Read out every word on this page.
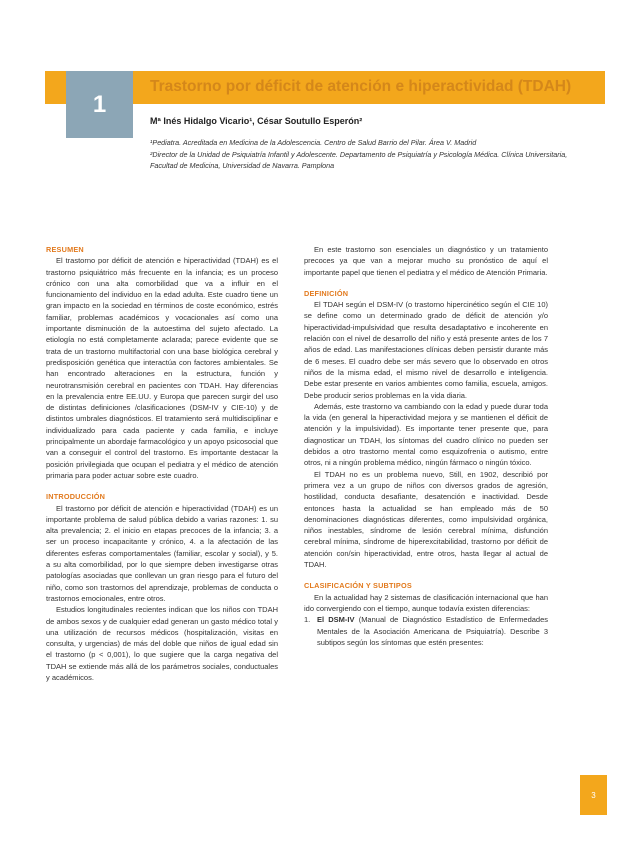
1
Trastorno por déficit de atención e hiperactividad (TDAH)
Mª Inés Hidalgo Vicario¹, César Soutullo Esperón²
¹Pediatra. Acreditada en Medicina de la Adolescencia. Centro de Salud Barrio del Pilar. Área V. Madrid
²Director de la Unidad de Psiquiatría Infantil y Adolescente. Departamento de Psiquiatría y Psicología Médica. Clínica Universitaria, Facultad de Medicina, Universidad de Navarra. Pamplona

RESUMEN

El trastorno por déficit de atención e hiperactividad (TDAH) es el trastorno psiquiátrico más frecuente en la infancia; es un proceso crónico con una alta comorbilidad que va a influir en el funcionamiento del individuo en la edad adulta. Este cuadro tiene un gran impacto en la sociedad en términos de coste económico, estrés familiar, problemas académicos y vocacionales así como una importante disminución de la autoestima del sujeto afectado. La etiología no está completamente aclarada; parece evidente que se trata de un trastorno multifactorial con una base biológica cerebral y predisposición genética que interactúa con factores ambientales. Se han encontrado alteraciones en la estructura, función y neurotransmisión cerebral en pacientes con TDAH. Hay diferencias en la prevalencia entre EE.UU. y Europa que parecen surgir del uso de distintas definiciones /clasificaciones (DSM-IV y CIE-10) y de distintos umbrales diagnósticos. El tratamiento será multidisciplinar e individualizado para cada paciente y cada familia, e incluye principalmente un abordaje farmacológico y un apoyo psicosocial que van a conseguir el control del trastorno. Es importante destacar la posición privilegiada que ocupan el pediatra y el médico de atención primaria para poder actuar sobre este cuadro.

INTRODUCCIÓN

El trastorno por déficit de atención e hiperactividad (TDAH) es un importante problema de salud pública debido a varias razones: 1. su alta prevalencia; 2. el inicio en etapas precoces de la infancia; 3. a ser un proceso incapacitante y crónico, 4. a la afectación de las diferentes esferas comportamentales (familiar, escolar y social), y 5. a su alta comorbilidad, por lo que siempre deben investigarse otras patologías asociadas que conllevan un gran riesgo para el futuro del niño, como son trastornos del aprendizaje, problemas de conducta o trastornos emocionales, entre otros.

Estudios longitudinales recientes indican que los niños con TDAH de ambos sexos y de cualquier edad generan un gasto médico total y una utilización de recursos médicos (hospitalización, visitas en consulta, y urgencias) de más del doble que niños de igual edad sin el trastorno (p < 0,001), lo que sugiere que la carga negativa del TDAH se extiende más allá de los parámetros sociales, conductuales y académicos.

En este trastorno son esenciales un diagnóstico y un tratamiento precoces ya que van a mejorar mucho su pronóstico de aquí el importante papel que tienen el pediatra y el médico de Atención Primaria.

DEFINICIÓN

El TDAH según el DSM-IV (o trastorno hipercinético según el CIE 10) se define como un determinado grado de déficit de atención y/o hiperactividad-impulsividad que resulta desadaptativo e incoherente en relación con el nivel de desarrollo del niño y está presente antes de los 7 años de edad. Las manifestaciones clínicas deben persistir durante más de 6 meses. El cuadro debe ser más severo que lo observado en otros niños de la misma edad, el mismo nivel de desarrollo e inteligencia. Debe estar presente en varios ambientes como familia, escuela, amigos. Debe producir serios problemas en la vida diaria.

Además, este trastorno va cambiando con la edad y puede durar toda la vida (en general la hiperactividad mejora y se mantienen el déficit de atención y la impulsividad). Es importante tener presente que, para diagnosticar un TDAH, los síntomas del cuadro clínico no pueden ser debidos a otro trastorno mental como esquizofrenia o autismo, entre otros, ni a ningún problema médico, ningún fármaco o ningún tóxico.

El TDAH no es un problema nuevo, Still, en 1902, describió por primera vez a un grupo de niños con diversos grados de agresión, hostilidad, conducta desafiante, desatención e inactividad. Desde entonces hasta la actualidad se han empleado más de 50 denominaciones diagnósticas diferentes, como impulsividad orgánica, niños inestables, síndrome de lesión cerebral mínima, disfunción cerebral mínima, síndrome de hiperexcitabilidad, trastorno por déficit de atención con/sin hiperactividad, entre otros, hasta llegar al actual de TDAH.

CLASIFICACIÓN Y SUBTIPOS

En la actualidad hay 2 sistemas de clasificación internacional que han ido convergiendo con el tiempo, aunque todavía existen diferencias:

1. El DSM-IV (Manual de Diagnóstico Estadístico de Enfermedades Mentales de la Asociación Americana de Psiquiatría). Describe 3 subtipos según los síntomas que estén presentes:
3
